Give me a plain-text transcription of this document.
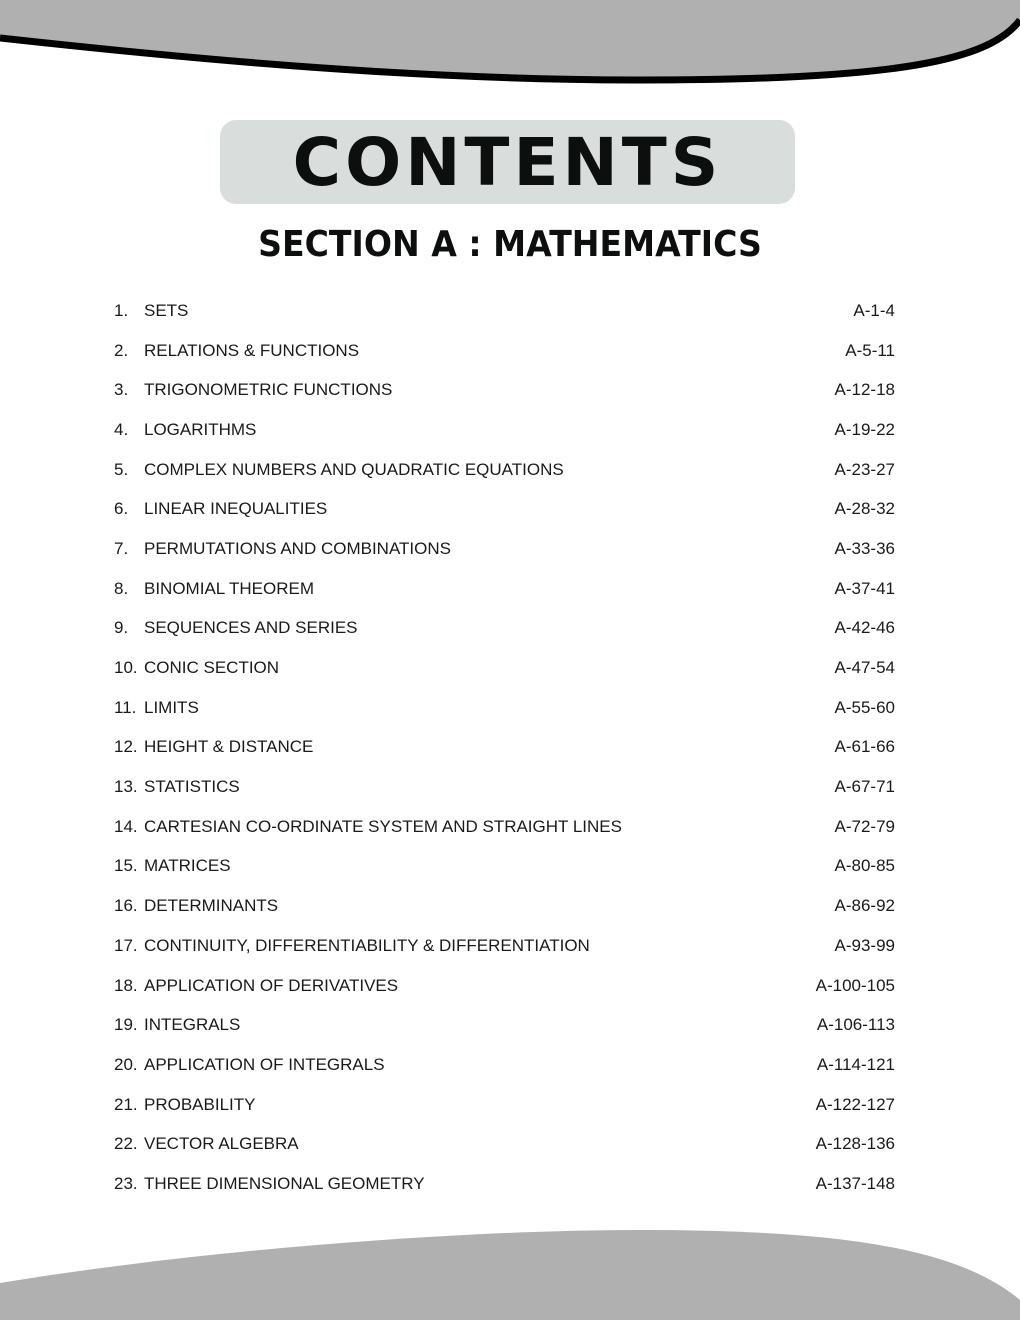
CONTENTS
SECTION A : MATHEMATICS
1. SETS	A-1-4
2. RELATIONS & FUNCTIONS	A-5-11
3. TRIGONOMETRIC FUNCTIONS	A-12-18
4. LOGARITHMS	A-19-22
5. COMPLEX NUMBERS AND QUADRATIC EQUATIONS	A-23-27
6. LINEAR INEQUALITIES	A-28-32
7. PERMUTATIONS AND COMBINATIONS	A-33-36
8. BINOMIAL THEOREM	A-37-41
9. SEQUENCES AND SERIES	A-42-46
10. CONIC SECTION	A-47-54
11. LIMITS	A-55-60
12. HEIGHT & DISTANCE	A-61-66
13. STATISTICS	A-67-71
14. CARTESIAN CO-ORDINATE SYSTEM AND STRAIGHT LINES	A-72-79
15. MATRICES	A-80-85
16. DETERMINANTS	A-86-92
17. CONTINUITY, DIFFERENTIABILITY & DIFFERENTIATION	A-93-99
18. APPLICATION OF DERIVATIVES	A-100-105
19. INTEGRALS	A-106-113
20. APPLICATION OF INTEGRALS	A-114-121
21. PROBABILITY	A-122-127
22. VECTOR ALGEBRA	A-128-136
23. THREE DIMENSIONAL GEOMETRY	A-137-148
